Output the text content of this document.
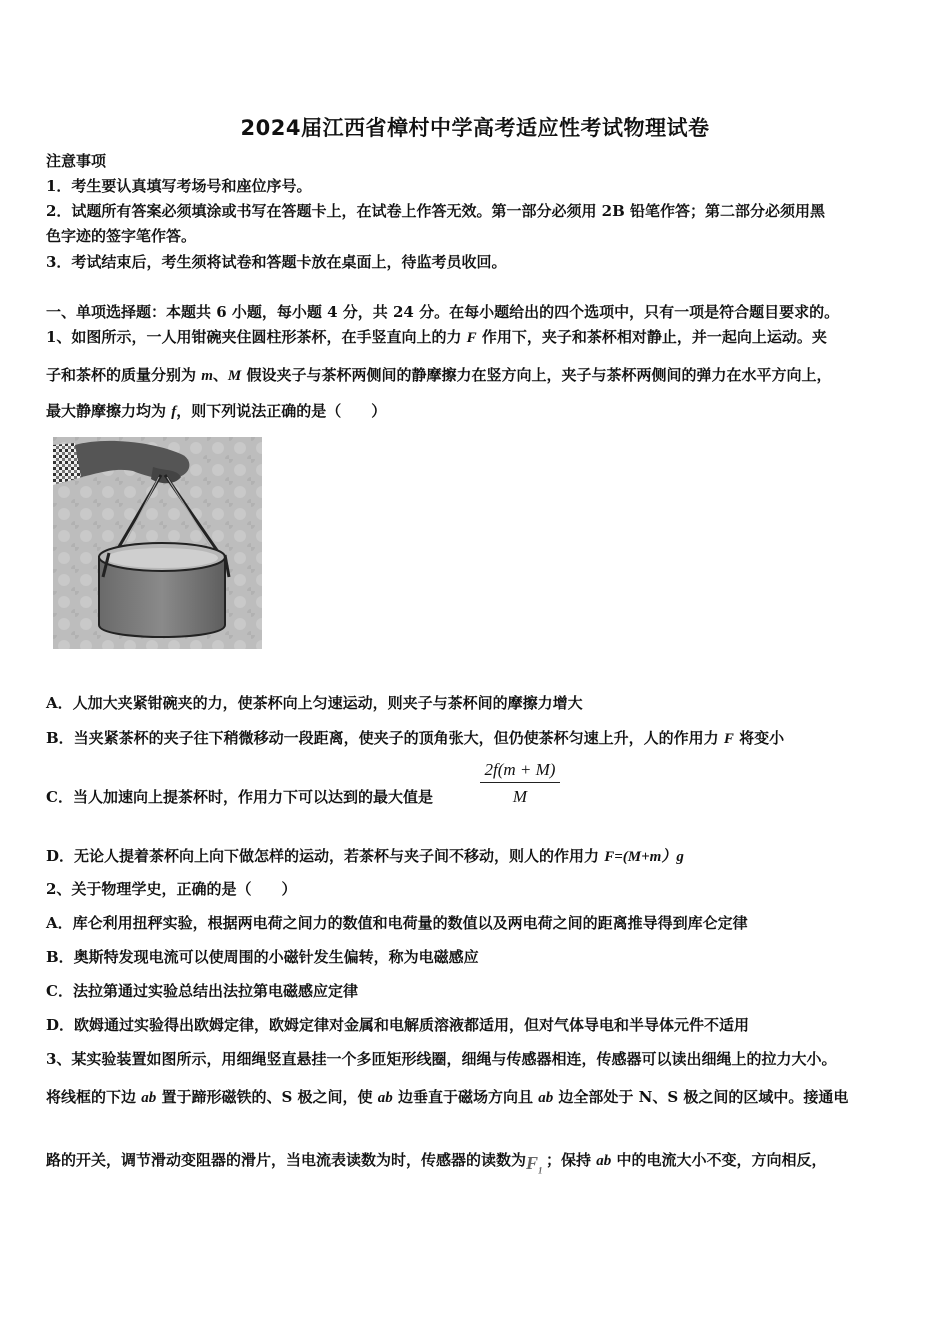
2024届江西省樟村中学高考适应性考试物理试卷
注意事项
1．考生要认真填写考场号和座位序号。
2．试题所有答案必须填涂或书写在答题卡上，在试卷上作答无效。第一部分必须用 2B 铅笔作答；第二部分必须用黑
色字迹的签字笔作答。
3．考试结束后，考生须将试卷和答题卡放在桌面上，待监考员收回。
一、单项选择题：本题共 6 小题，每小题 4 分，共 24 分。在每小题给出的四个选项中，只有一项是符合题目要求的。
1、如图所示，一人用钳碗夹住圆柱形茶杯，在手竖直向上的力 F 作用下，夹子和茶杯相对静止，并一起向上运动。夹
子和茶杯的质量分别为 m、M 假设夹子与茶杯两侧间的静摩擦力在竖方向上，夹子与茶杯两侧间的弹力在水平方向上，
最大静摩擦力均为 f，则下列说法正确的是（　　）
A．人加大夹紧钳碗夹的力，使茶杯向上匀速运动，则夹子与茶杯间的摩擦力增大
B．当夹紧茶杯的夹子往下稍微移动一段距离，使夹子的顶角张大，但仍使茶杯匀速上升，人的作用力 F 将变小
C．当人加速向上提茶杯时，作用力下可以达到的最大值是	$\frac{2f(m + M)}{M}$
D．无论人提着茶杯向上向下做怎样的运动，若茶杯与夹子间不移动，则人的作用力 F=(M+m）g
2、关于物理学史，正确的是（　　）
A．库仑利用扭秤实验，根据两电荷之间力的数值和电荷量的数值以及两电荷之间的距离推导得到库仑定律
B．奥斯特发现电流可以使周围的小磁针发生偏转，称为电磁感应
C．法拉第通过实验总结出法拉第电磁感应定律
D．欧姆通过实验得出欧姆定律，欧姆定律对金属和电解质溶液都适用，但对气体导电和半导体元件不适用
3、某实验装置如图所示，用细绳竖直悬挂一个多匝矩形线圈，细绳与传感器相连，传感器可以读出细绳上的拉力大小。
将线框的下边 ab 置于蹄形磁铁的、S 极之间，使 ab 边垂直于磁场方向且 ab 边全部处于 N、S 极之间的区域中。接通电
路的开关，调节滑动变阻器的滑片，当电流表读数为时，传感器的读数为$F_1$；保持 ab 中的电流大小不变，方向相反，
